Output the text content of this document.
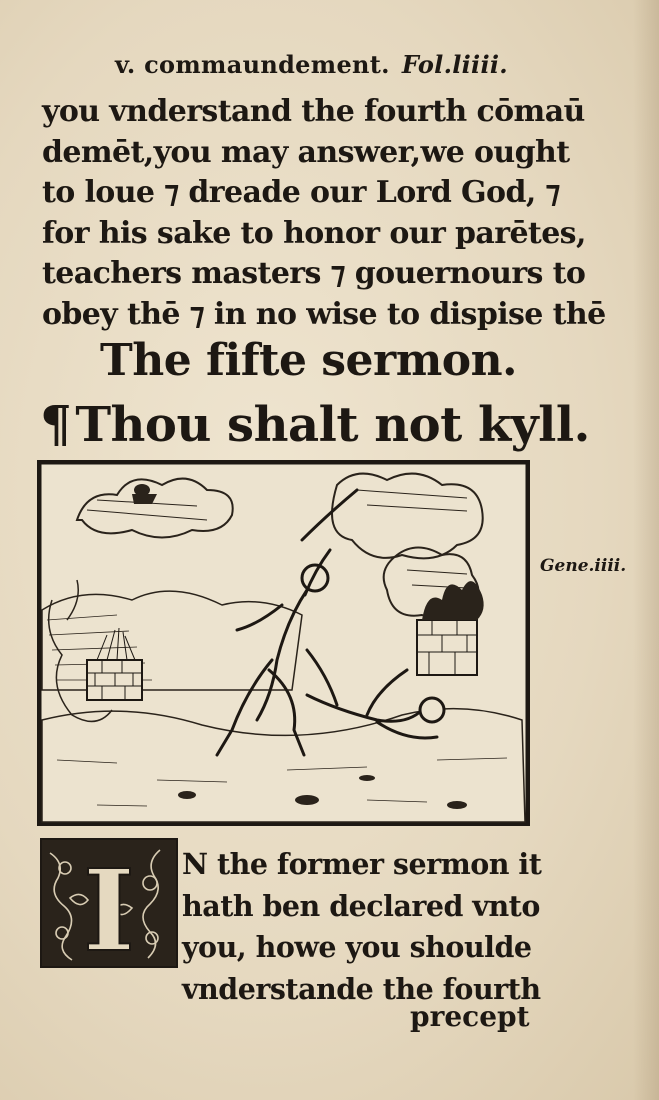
v. commaundement. Fol.liiii.
you vnderstand the fourth cōmaū
demēt,you may answer,we ought
to loue ⁊ dreade our Lord God, ⁊
for his sake to honor our parētes,
teachers masters ⁊ gouernours to
obey thē ⁊ in no wise to dispise thē
The fifte sermon.
¶Thou shalt not kyll.
Gene.iiii.
I N the former sermon it
hath ben declared vnto
you, howe you shoulde
vnderstande the fourth
precept
